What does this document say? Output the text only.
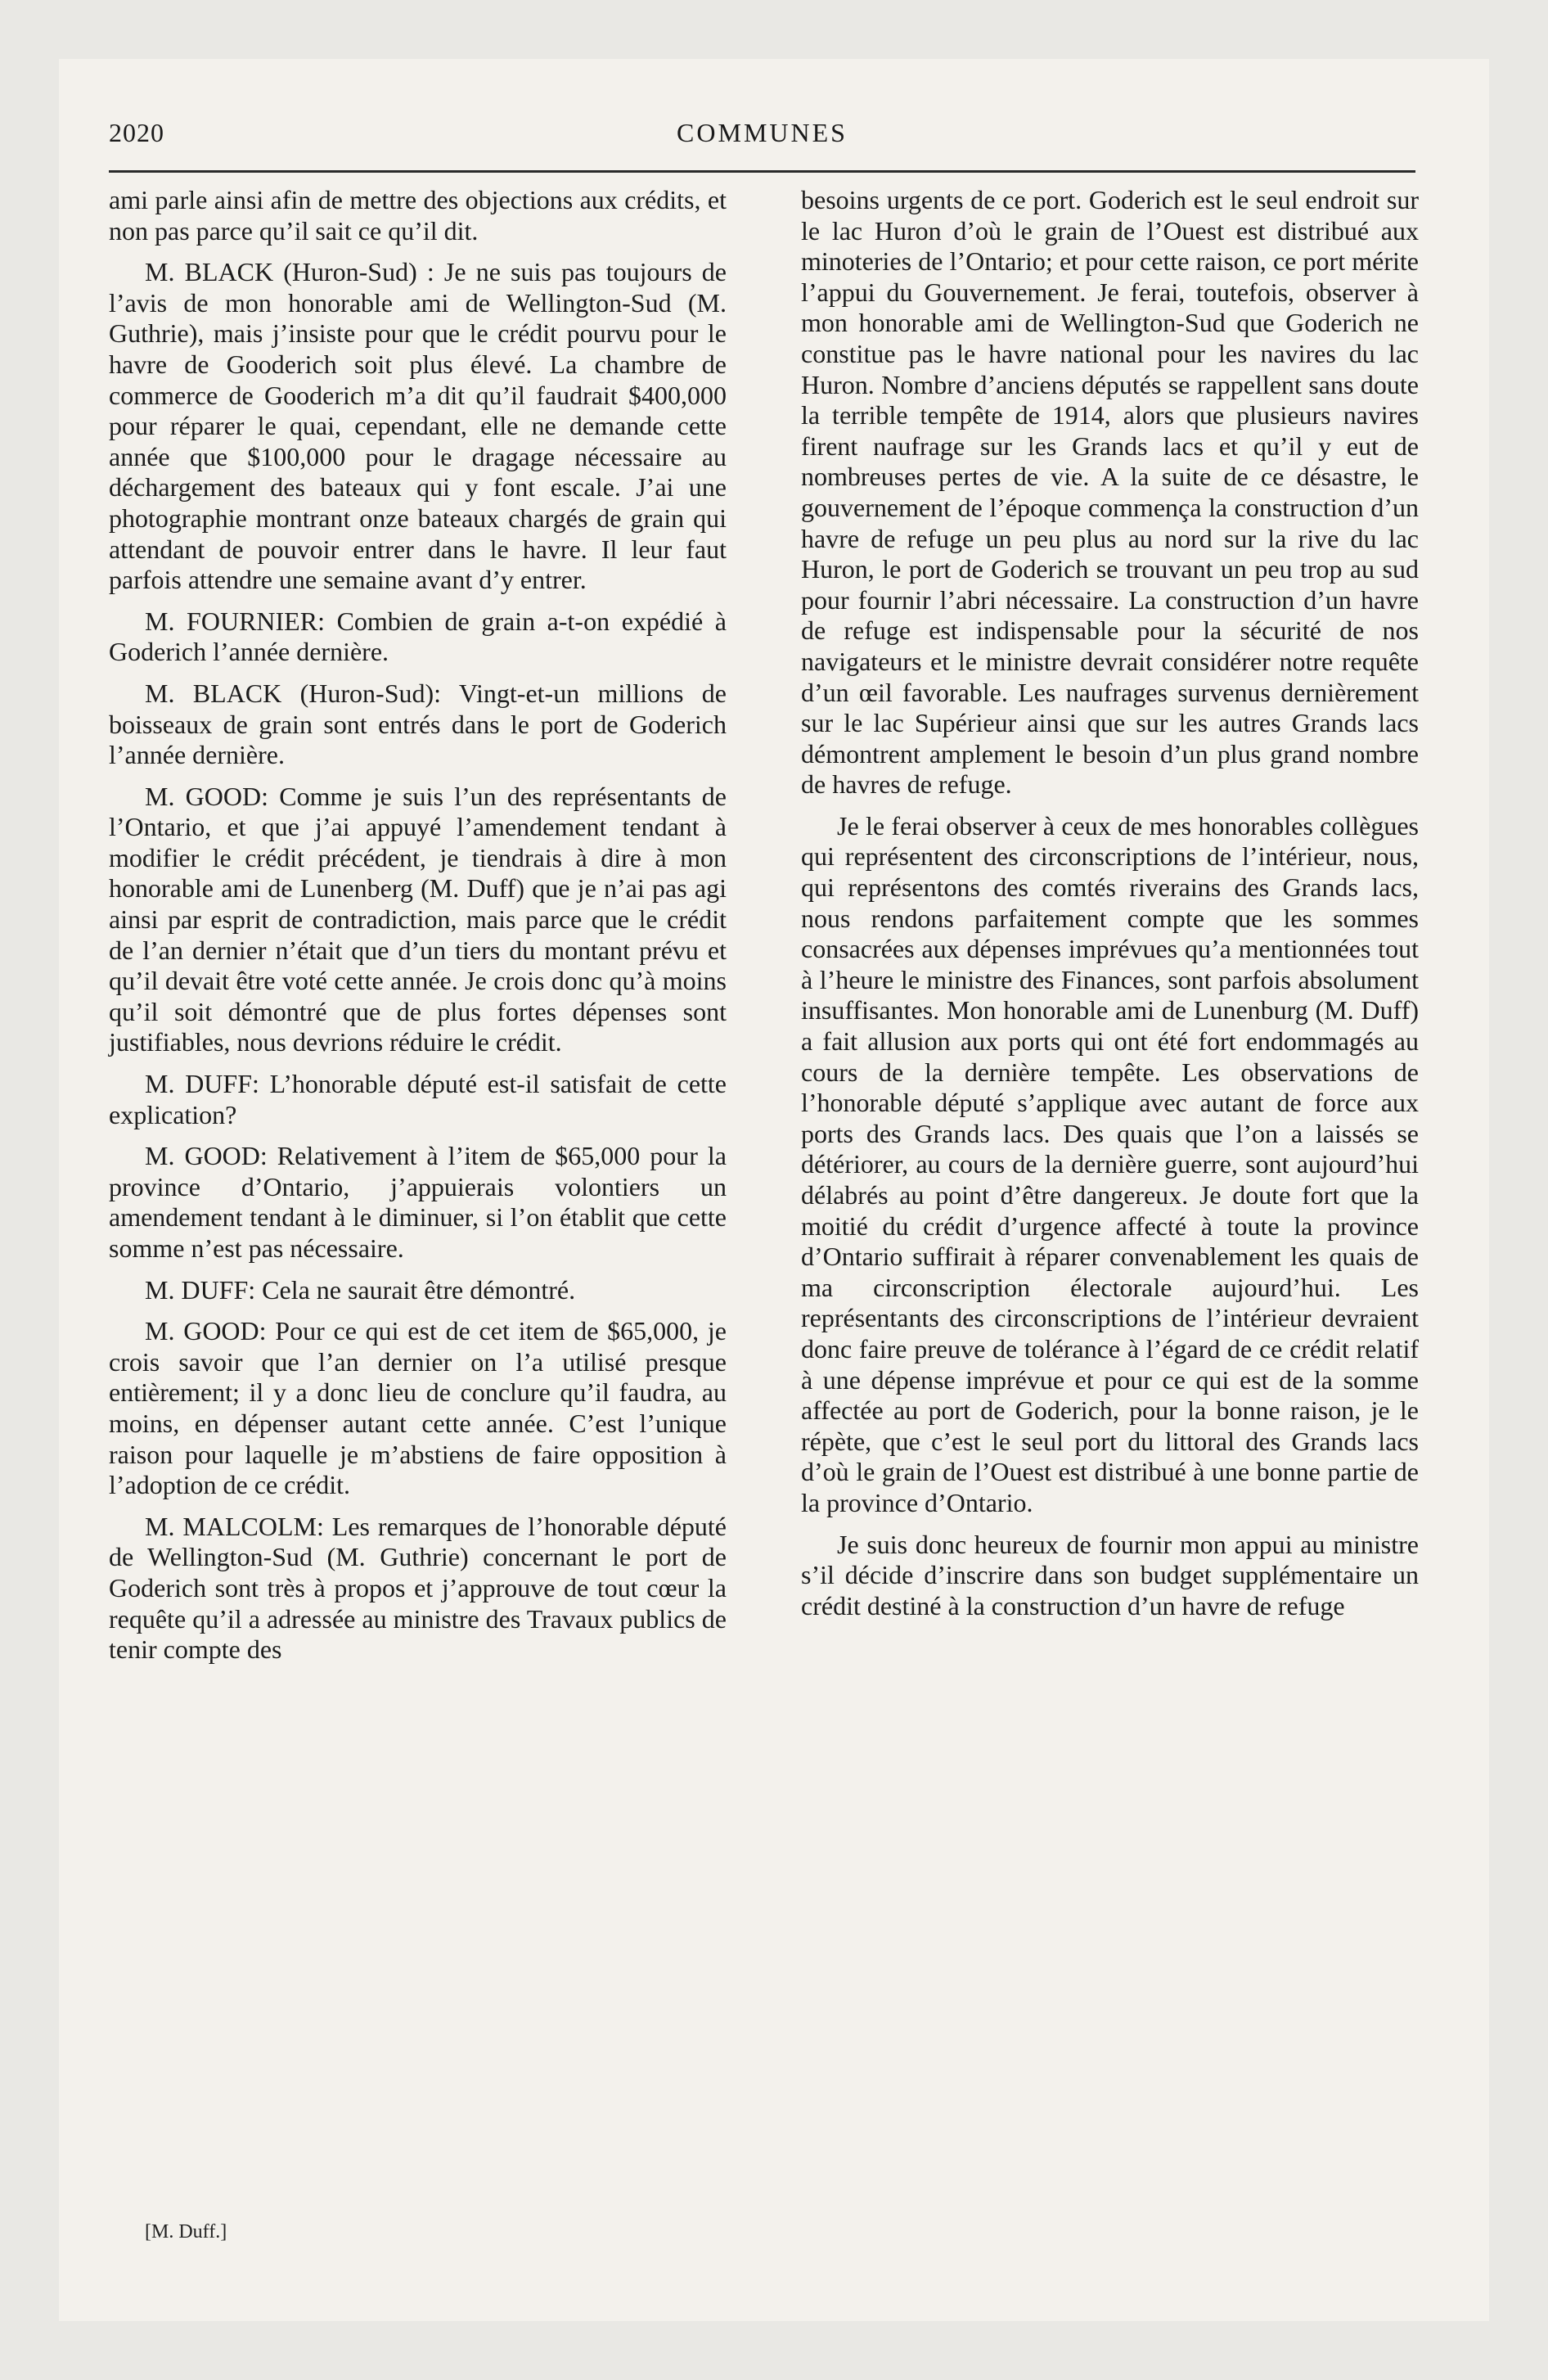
2020	COMMUNES

ami parle ainsi afin de mettre des objections aux crédits, et non pas parce qu’il sait ce qu’il dit.

M. BLACK (Huron-Sud) : Je ne suis pas toujours de l’avis de mon honorable ami de Wellington-Sud (M. Guthrie), mais j’insiste pour que le crédit pourvu pour le havre de Gooderich soit plus élevé. La chambre de commerce de Gooderich m’a dit qu’il faudrait $400,000 pour réparer le quai, cependant, elle ne demande cette année que $100,000 pour le dragage nécessaire au déchargement des bateaux qui y font escale. J’ai une photographie montrant onze bateaux chargés de grain qui attendant de pouvoir entrer dans le havre. Il leur faut parfois attendre une semaine avant d’y entrer.

M. FOURNIER: Combien de grain a-t-on expédié à Goderich l’année dernière.

M. BLACK (Huron-Sud): Vingt-et-un millions de boisseaux de grain sont entrés dans le port de Goderich l’année dernière.

M. GOOD: Comme je suis l’un des représentants de l’Ontario, et que j’ai appuyé l’amendement tendant à modifier le crédit précédent, je tiendrais à dire à mon honorable ami de Lunenberg (M. Duff) que je n’ai pas agi ainsi par esprit de contradiction, mais parce que le crédit de l’an dernier n’était que d’un tiers du montant prévu et qu’il devait être voté cette année. Je crois donc qu’à moins qu’il soit démontré que de plus fortes dépenses sont justifiables, nous devrions réduire le crédit.

M. DUFF: L’honorable député est-il satisfait de cette explication?

M. GOOD: Relativement à l’item de $65,000 pour la province d’Ontario, j’appuierais volontiers un amendement tendant à le diminuer, si l’on établit que cette somme n’est pas nécessaire.

M. DUFF: Cela ne saurait être démontré.

M. GOOD: Pour ce qui est de cet item de $65,000, je crois savoir que l’an dernier on l’a utilisé presque entièrement; il y a donc lieu de conclure qu’il faudra, au moins, en dépenser autant cette année. C’est l’unique raison pour laquelle je m’abstiens de faire opposition à l’adoption de ce crédit.

M. MALCOLM: Les remarques de l’honorable député de Wellington-Sud (M. Guthrie) concernant le port de Goderich sont très à propos et j’approuve de tout cœur la requête qu’il a adressée au ministre des Travaux publics de tenir compte des

besoins urgents de ce port. Goderich est le seul endroit sur le lac Huron d’où le grain de l’Ouest est distribué aux minoteries de l’Ontario; et pour cette raison, ce port mérite l’appui du Gouvernement. Je ferai, toutefois, observer à mon honorable ami de Wellington-Sud que Goderich ne constitue pas le havre national pour les navires du lac Huron. Nombre d’anciens députés se rappellent sans doute la terrible tempête de 1914, alors que plusieurs navires firent naufrage sur les Grands lacs et qu’il y eut de nombreuses pertes de vie. A la suite de ce désastre, le gouvernement de l’époque commença la construction d’un havre de refuge un peu plus au nord sur la rive du lac Huron, le port de Goderich se trouvant un peu trop au sud pour fournir l’abri nécessaire. La construction d’un havre de refuge est indispensable pour la sécurité de nos navigateurs et le ministre devrait considérer notre requête d’un œil favorable. Les naufrages survenus dernièrement sur le lac Supérieur ainsi que sur les autres Grands lacs démontrent amplement le besoin d’un plus grand nombre de havres de refuge.

Je le ferai observer à ceux de mes honorables collègues qui représentent des circonscriptions de l’intérieur, nous, qui représentons des comtés riverains des Grands lacs, nous rendons parfaitement compte que les sommes consacrées aux dépenses imprévues qu’a mentionnées tout à l’heure le ministre des Finances, sont parfois absolument insuffisantes. Mon honorable ami de Lunenburg (M. Duff) a fait allusion aux ports qui ont été fort endommagés au cours de la dernière tempête. Les observations de l’honorable député s’applique avec autant de force aux ports des Grands lacs. Des quais que l’on a laissés se détériorer, au cours de la dernière guerre, sont aujourd’hui délabrés au point d’être dangereux. Je doute fort que la moitié du crédit d’urgence affecté à toute la province d’Ontario suffirait à réparer convenablement les quais de ma circonscription électorale aujourd’hui. Les représentants des circonscriptions de l’intérieur devraient donc faire preuve de tolérance à l’égard de ce crédit relatif à une dépense imprévue et pour ce qui est de la somme affectée au port de Goderich, pour la bonne raison, je le répète, que c’est le seul port du littoral des Grands lacs d’où le grain de l’Ouest est distribué à une bonne partie de la province d’Ontario.

Je suis donc heureux de fournir mon appui au ministre s’il décide d’inscrire dans son budget supplémentaire un crédit destiné à la construction d’un havre de refuge

[M. Duff.]
